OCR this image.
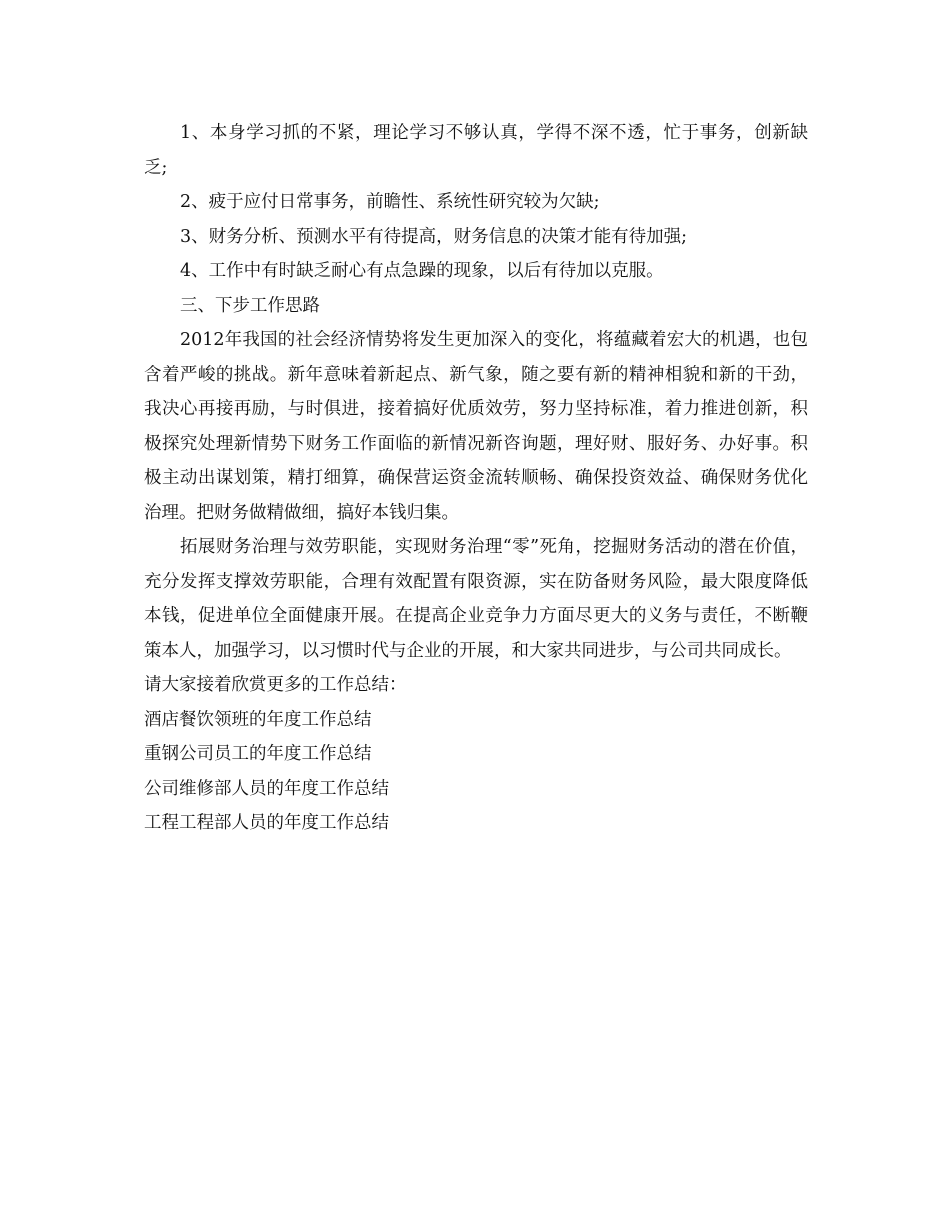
1、本身学习抓的不紧，理论学习不够认真，学得不深不透，忙于事务，创新缺乏;

2、疲于应付日常事务，前瞻性、系统性研究较为欠缺;

3、财务分析、预测水平有待提高，财务信息的决策才能有待加强;

4、工作中有时缺乏耐心有点急躁的现象，以后有待加以克服。

三、下步工作思路

2012年我国的社会经济情势将发生更加深入的变化，将蕴藏着宏大的机遇，也包含着严峻的挑战。新年意味着新起点、新气象，随之要有新的精神相貌和新的干劲，我决心再接再励，与时俱进，接着搞好优质效劳，努力坚持标准，着力推进创新，积极探究处理新情势下财务工作面临的新情况新咨询题，理好财、服好务、办好事。积极主动出谋划策，精打细算，确保营运资金流转顺畅、确保投资效益、确保财务优化治理。把财务做精做细，搞好本钱归集。

拓展财务治理与效劳职能，实现财务治理“零”死角，挖掘财务活动的潜在价值，充分发挥支撑效劳职能，合理有效配置有限资源，实在防备财务风险，最大限度降低本钱，促进单位全面健康开展。在提高企业竞争力方面尽更大的义务与责任，不断鞭策本人，加强学习，以习惯时代与企业的开展，和大家共同进步，与公司共同成长。

请大家接着欣赏更多的工作总结：

酒店餐饮领班的年度工作总结

重钢公司员工的年度工作总结

公司维修部人员的年度工作总结

工程工程部人员的年度工作总结
